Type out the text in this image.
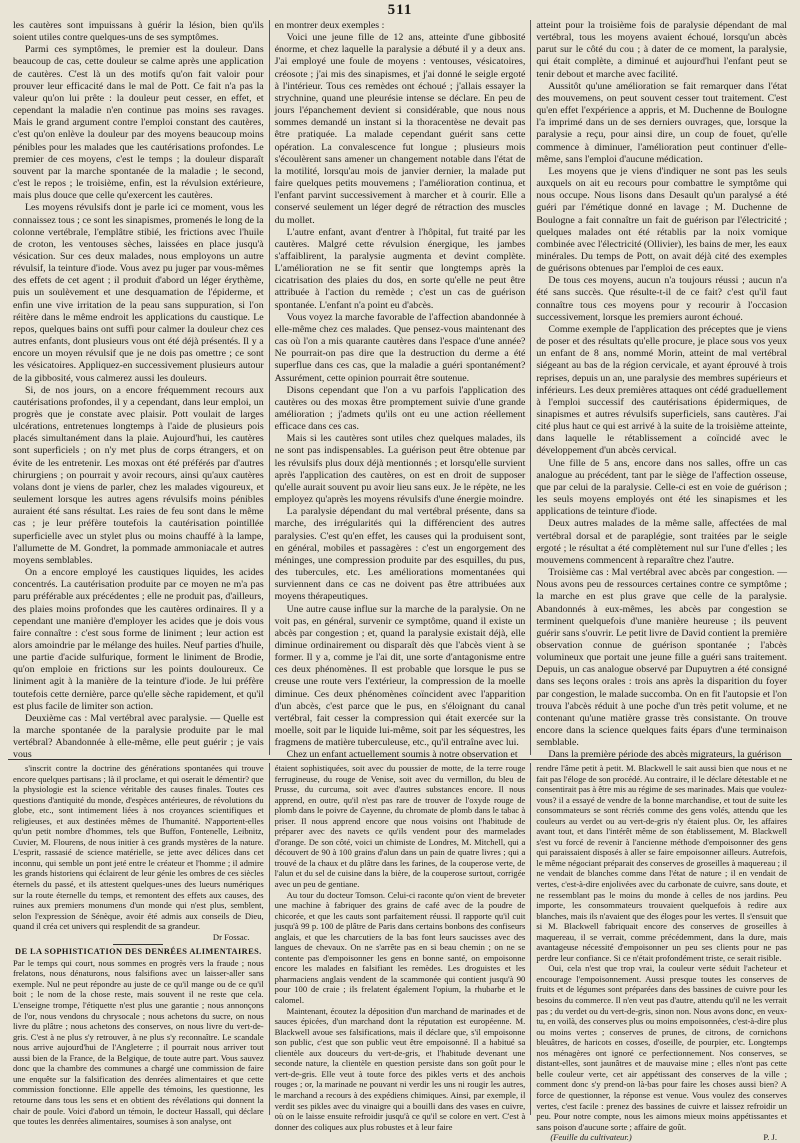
511

les cautères sont impuissans à guérir la lésion, bien qu'ils soient utiles contre quelques-uns de ses symptômes.

Parmi ces symptômes, le premier est la douleur. Dans beaucoup de cas, cette douleur se calme après une application de cautères. C'est là un des motifs qu'on fait valoir pour prouver leur efficacité dans le mal de Pott. Ce fait n'a pas la valeur qu'on lui prête : la douleur peut cesser, en effet, et cependant la maladie n'en continue pas moins ses ravages. Mais le grand argument contre l'emploi constant des cautères, c'est qu'on enlève la douleur par des moyens beaucoup moins pénibles pour les malades que les cautérisations profondes. Le premier de ces moyens, c'est le temps ; la douleur disparaît souvent par la marche spontanée de la maladie ; le second, c'est le repos ; le troisième, enfin, est la révulsion extérieure, mais plus douce que celle qu'exercent les cautères.

Les moyens révulsifs dont je parle ici ce moment, vous les connaissez tous ; ce sont les sinapismes, promenés le long de la colonne vertébrale, l'emplâtre stibié, les frictions avec l'huile de croton, les ventouses sèches, laissées en place jusqu'à vésication. Sur ces deux malades, nous employons un autre révulsif, la teinture d'iode. Vous avez pu juger par vous-mêmes des effets de cet agent ; il produit d'abord un léger érythème, puis un soulèvement et une desquamation de l'épiderme, et enfin une vive irritation de la peau sans suppuration, si l'on réitère dans le même endroit les applications du caustique. Le repos, quelques bains ont suffi pour calmer la douleur chez ces autres enfants, dont plusieurs vous ont été déjà présentés. Il y a encore un moyen révulsif que je ne dois pas omettre ; ce sont les vésicatoires. Appliquez-en successivement plusieurs autour de la gibbosité, vous calmerez aussi les douleurs.

Si, de nos jours, on a encore fréquemment recours aux cautérisations profondes, il y a cependant, dans leur emploi, un progrès que je constate avec plaisir. Pott voulait de larges ulcérations, entretenues longtemps à l'aide de plusieurs pois placés simultanément dans la plaie. Aujourd'hui, les cautères sont superficiels ; on n'y met plus de corps étrangers, et on évite de les entretenir. Les moxas ont été préférés par d'autres chirurgiens ; on pourrait y avoir recours, ainsi qu'aux cautères volans dont je viens de parler, chez les malades vigoureux, et seulement lorsque les autres agens révulsifs moins pénibles auraient été sans résultat. Les raies de feu sont dans le même cas ; je leur préfère toutefois la cautérisation pointillée superficielle avec un stylet plus ou moins chauffé à la lampe, l'allumette de M. Gondret, la pommade ammoniacale et autres moyens semblables.

On a encore employé les caustiques liquides, les acides concentrés. La cautérisation produite par ce moyen ne m'a pas paru préférable aux précédentes ; elle ne produit pas, d'ailleurs, des plaies moins profondes que les cautères ordinaires. Il y a cependant une manière d'employer les acides que je dois vous faire connaître : c'est sous forme de liniment ; leur action est alors amoindrie par le mélange des huiles. Neuf parties d'huile, une partie d'acide sulfurique, forment le liniment de Brodie, qu'on emploie en frictions sur les points douloureux. Ce liniment agit à la manière de la teinture d'iode. Je lui préfère toutefois cette dernière, parce qu'elle sèche rapidement, et qu'il est plus facile de limiter son action.

Deuxième cas : Mal vertébral avec paralysie. — Quelle est la marche spontanée de la paralysie produite par le mal vertébral? Abandonnée à elle-même, elle peut guérir ; je vais vous

en montrer deux exemples :

Voici une jeune fille de 12 ans, atteinte d'une gibbosité énorme, et chez laquelle la paralysie a débuté il y a deux ans. J'ai employé une foule de moyens : ventouses, vésicatoires, créosote ; j'ai mis des sinapismes, et j'ai donné le seigle ergoté à l'intérieur. Tous ces remèdes ont échoué ; j'allais essayer la strychnine, quand une pleurésie intense se déclare. En peu de jours l'épanchement devient si considérable, que nous nous sommes demandé un instant si la thoracentèse ne devait pas être pratiquée. La malade cependant guérit sans cette opération. La convalescence fut longue ; plusieurs mois s'écoulèrent sans amener un changement notable dans l'état de la motilité, lorsqu'au mois de janvier dernier, la malade put faire quelques petits mouvemens ; l'amélioration continua, et l'enfant parvint successivement à marcher et à courir. Elle a conservé seulement un léger degré de rétraction des muscles du mollet.

L'autre enfant, avant d'entrer à l'hôpital, fut traité par les cautères. Malgré cette révulsion énergique, les jambes s'affaiblirent, la paralysie augmenta et devint complète. L'amélioration ne se fit sentir que longtemps après la cicatrisation des plaies du dos, en sorte qu'elle ne peut être attribuée à l'action du remède ; c'est un cas de guérison spontanée. L'enfant n'a point eu d'abcès.

Vous voyez la marche favorable de l'affection abandonnée à elle-même chez ces malades. Que pensez-vous maintenant des cas où l'on a mis quarante cautères dans l'espace d'une année? Ne pourrait-on pas dire que la destruction du derme a été superflue dans ces cas, que la maladie a guéri spontanément? Assurément, cette opinion pourrait être soutenue.

Disons cependant que l'on a vu parfois l'application des cautères ou des moxas être promptement suivie d'une grande amélioration ; j'admets qu'ils ont eu une action réellement efficace dans ces cas.

Mais si les cautères sont utiles chez quelques malades, ils ne sont pas indispensables. La guérison peut être obtenue par les révulsifs plus doux déjà mentionnés ; et lorsqu'elle survient après l'application des cautères, on est en droit de supposer qu'elle aurait souvent pu avoir lieu sans eux. Je le répète, ne les employez qu'après les moyens révulsifs d'une énergie moindre.

La paralysie dépendant du mal vertébral présente, dans sa marche, des irrégularités qui la différencient des autres paralysies. C'est qu'en effet, les causes qui la produisent sont, en général, mobiles et passagères : c'est un engorgement des méninges, une compression produite par des esquilles, du pus, des tubercules, etc. Les améliorations momentanées qui surviennent dans ce cas ne doivent pas être attribuées aux moyens thérapeutiques.

Une autre cause influe sur la marche de la paralysie. On ne voit pas, en général, survenir ce symptôme, quand il existe un abcès par congestion ; et, quand la paralysie existait déjà, elle diminue ordinairement ou disparaît dès que l'abcès vient à se former. Il y a, comme je l'ai dit, une sorte d'antagonisme entre ces deux phénomènes. Il est probable que lorsque le pus se creuse une route vers l'extérieur, la compression de la moelle diminue. Ces deux phénomènes coïncident avec l'apparition d'un abcès, c'est parce que le pus, en s'éloignant du canal vertébral, fait cesser la compression qui était exercée sur la moelle, soit par le liquide lui-même, soit par les séquestres, les fragmens de matière tuberculeuse, etc., qu'il entraîne avec lui.

Chez un enfant actuellement soumis à notre observation et

atteint pour la troisième fois de paralysie dépendant de mal vertébral, tous les moyens avaient échoué, lorsqu'un abcès parut sur le côté du cou ; à dater de ce moment, la paralysie, qui était complète, a diminué et aujourd'hui l'enfant peut se tenir debout et marche avec facilité.

Aussitôt qu'une amélioration se fait remarquer dans l'état des mouvemens, on peut souvent cesser tout traitement. C'est qu'en effet l'expérience a appris, et M. Duchenne de Boulogne l'a imprimé dans un de ses derniers ouvrages, que, lorsque la paralysie a reçu, pour ainsi dire, un coup de fouet, qu'elle commence à diminuer, l'amélioration peut continuer d'elle-même, sans l'emploi d'aucune médication.

Les moyens que je viens d'indiquer ne sont pas les seuls auxquels on ait eu recours pour combattre le symptôme qui nous occupe. Nous lisons dans Desault qu'un paralysé a été guéri par l'émétique donné en lavage ; M. Duchenne de Boulogne a fait connaître un fait de guérison par l'électricité ; quelques malades ont été rétablis par la noix vomique combinée avec l'électricité (Ollivier), les bains de mer, les eaux minérales. Du temps de Pott, on avait déjà cité des exemples de guérisons obtenues par l'emploi de ces eaux.

De tous ces moyens, aucun n'a toujours réussi ; aucun n'a été sans succès. Que résulte-t-il de ce fait? c'est qu'il faut connaître tous ces moyens pour y recourir à l'occasion successivement, lorsque les premiers auront échoué.

Comme exemple de l'application des préceptes que je viens de poser et des résultats qu'elle procure, je place sous vos yeux un enfant de 8 ans, nommé Morin, atteint de mal vertébral siégeant au bas de la région cervicale, et ayant éprouvé à trois reprises, depuis un an, une paralysie des membres supérieurs et inférieurs. Les deux premières attaques ont cédé graduellement à l'emploi successif des cautérisations épidermiques, de sinapismes et autres révulsifs superficiels, sans cautères. J'ai cité plus haut ce qui est arrivé à la suite de la troisième atteinte, dans laquelle le rétablissement a coïncidé avec le développement d'un abcès cervical.

Une fille de 5 ans, encore dans nos salles, offre un cas analogue au précédent, tant par le siège de l'affection osseuse, que par celui de la paralysie. Celle-ci est en voie de guérison ; les seuls moyens employés ont été les sinapismes et les applications de teinture d'iode.

Deux autres malades de la même salle, affectées de mal vertébral dorsal et de paraplégie, sont traitées par le seigle ergoté ; le résultat a été complètement nul sur l'une d'elles ; les mouvemens commencent à reparaître chez l'autre.

Troisième cas : Mal vertébral avec abcès par congestion. — Nous avons peu de ressources certaines contre ce symptôme ; la marche en est plus grave que celle de la paralysie. Abandonnés à eux-mêmes, les abcès par congestion se terminent quelquefois d'une manière heureuse ; ils peuvent guérir sans s'ouvrir. Le petit livre de David contient la première observation connue de guérison spontanée ; l'abcès volumineux que portait une jeune fille a guéri sans traitement. Depuis, un cas analogue observé par Dupuytren a été consigné dans ses leçons orales : trois ans après la disparition du foyer par congestion, le malade succomba. On en fit l'autopsie et l'on trouva l'abcès réduit à une poche d'un très petit volume, et ne contenant qu'une matière grasse très consistante. On trouve encore dans la science quelques faits épars d'une terminaison semblable.

Dans la première période des abcès migrateurs, la guérison

s'inscrit contre la doctrine des générations spontanées qui trouve encore quelques partisans ; là il proclame, et qui oserait le démentir? que la physiologie est la science véritable des causes finales. Toutes ces questions d'antiquité du monde, d'espèces antérieures, de révolutions du globe, etc., sont intimement liées à nos croyances scientifiques et religieuses, et aux destinées mêmes de l'humanité. N'apportent-elles qu'un petit nombre d'hommes, tels que Buffon, Fontenelle, Leibnitz, Cuvier, M. Flourens, de nous initier à ces grands mystères de la nature. L'esprit, rassasié de science matérielle, se jette avec délices dans cet inconnu, qui semble un pont jeté entre le créateur et l'homme ; il admire les grands historiens qui éclairent de leur génie les ombres de ces siècles éternels du passé, et ils attestent quelques-unes des lueurs numériques sur la route éternelle du temps, et remontent des effets aux causes, des ruines aux premiers monumens d'un monde qui n'est plus, semblent, selon l'expression de Sénèque, avoir été admis aux conseils de Dieu, quand il créa cet univers qui resplendit de sa grandeur.

Dr Fossac.

DE LA SOPHISTICATION DES DENRÉES ALIMENTAIRES.

Par le temps qui court, nous sommes en progrès vers la fraude ; nous frelatons, nous dénaturons, nous falsifions avec un laisser-aller sans exemple. Nul ne peut répondre au juste de ce qu'il mange ou de ce qu'il boit ; le nom de la chose reste, mais souvent il ne reste que cela. L'enseigne trompe, l'étiquette n'est plus une garantie ; nous annonçons de l'or, nous vendons du chrysocale ; nous achetons du sucre, on nous livre du plâtre ; nous achetons des conserves, on nous livre du vert-de-gris. C'est à ne plus s'y retrouver, à ne plus s'y reconnaître. Le scandale nous arrive aujourd'hui de l'Angleterre ; il pourrait nous arriver tout aussi bien de la France, de la Belgique, de toute autre part. Vous sauvez donc que la chambre des communes a chargé une commission de faire une enquête sur la falsification des denrées alimentaires et que cette commission fonctionne. Elle appelle des témoins, les questionne, les retourne dans tous les sens et en obtient des révélations qui donnent la chair de poule. Voici d'abord un témoin, le docteur Hassall, qui déclare que toutes les denrées alimentaires, soumises à son analyse, ont

étaient sophistiquées, soit avec du poussier de motte, de la terre rouge ferrugineuse, du rouge de Venise, soit avec du vermillon, du bleu de Prusse, du curcuma, soit avec d'autres substances encore. Il nous apprend, en outre, qu'il n'est pas rare de trouver de l'oxyde rouge de plomb dans le poivre de Cayenne, du chromate de plomb dans le tabac à priser. Il nous apprend encore que nous voisins ont l'habitude de préparer avec des navets ce qu'ils vendent pour des marmelades d'orange. De son côté, voici un chimiste de Londres, M. Mitchell, qui a découvert de 90 à 100 grains d'alun dans un pain de quatre livres ; qui a trouvé de la chaux et du plâtre dans les farines, de la couperose verte, de l'alun et du sel de cuisine dans la bière, de la couperose surtout, corrigée avec un peu de gentiane.

Au tour du docteur Tomson. Celui-ci raconte qu'on vient de breveter une machine à fabriquer des grains de café avec de la poudre de chicorée, et que les cauts sont parfaitement réussi. Il rapporte qu'il cuit jusqu'à 99 p. 100 de plâtre de Paris dans certains bonbons des confiseurs anglais, et que les charcutiers de la bas font leurs saucisses avec des langues de chevaux. On ne s'arrête pas en si beau chemin ; on ne se contente pas d'empoisonner les gens en bonne santé, on empoisonne encore les malades en falsifiant les remèdes. Les droguistes et les pharmaciens anglais vendent de la scammonée qui contient jusqu'à 90 pour 100 de craie ; ils frelatent également l'opium, la rhubarbe et le calomel.

Maintenant, écoutez la déposition d'un marchand de marinades et de sauces épicées, d'un marchand dont la réputation est européenne. M. Blackwell avoue ses falsifications, mais il déclare que, s'il empoisonne son public, c'est que son public veut être empoisonné. Il a habitué sa clientèle aux douceurs du vert-de-gris, et l'habitude devenant une seconde nature, la clientèle en question persiste dans son goût pour le vert-de-gris. Elle veut à toute force des pikles verts et des anchois rouges ; or, la marinade ne pouvant ni verdir les uns ni rougir les autres, le marchand a recours à des expédiens chimiques. Ainsi, par exemple, il verdit ses pikles avec du vinaigre qui a bouilli dans des vases en cuivre, où on le laisse ensuite refroidir jusqu'à ce qu'il se colore en vert. C'est à donner des coliques aux plus robustes et à leur faire

rendre l'âme petit à petit. M. Blackwell le sait aussi bien que nous et ne fait pas l'éloge de son procédé. Au contraire, il le déclare détestable et ne consentirait pas à être mis au régime de ses marinades. Mais que voulez-vous? il a essayé de vendre de la bonne marchandise, et tout de suite les consommateurs se sont récriés comme des gens volés, attendu que les couleurs au verdet ou au vert-de-gris n'y étaient plus. Or, les affaires avant tout, et dans l'intérêt même de son établissement, M. Blackwell s'est vu forcé de revenir à l'ancienne méthode d'empoisonner des gens qui paraissaient disposés à aller se faire empoisonner ailleurs. Autrefois, le même négociant préparait des conserves de groseilles à maquereau ; il ne vendait de blanches comme dans l'état de nature ; il en vendait de vertes, c'est-à-dire enjolivées avec du carbonate de cuivre, sans doute, et ne ressemblant pas le moins du monde à celles de nos jardins. Peu importe, les consommateurs trouvaient quelquefois à redire aux blanches, mais ils n'avaient que des éloges pour les vertes. Il s'ensuit que si M. Blackwell fabriquait encore des conserves de groseilles à maquereau, il se verrait, comme précédemment, dans la dure, mais avantageuse nécessité d'empoisonner un peu ses clients pour ne pas perdre leur confiance. Si ce n'était profondément triste, ce serait risible.

Oui, cela n'est que trop vrai, la couleur verte séduit l'acheteur et encourage l'empoisonnement. Aussi presque toutes les conserves de fruits et de légumes sont préparées dans des bassines de cuivre pour les besoins du commerce. Il n'en veut pas d'autre, attendu qu'il ne les verrait pas ; du verdet ou du vert-de-gris, sinon non. Nous avons donc, en veux-tu, en voilà, des conserves plus ou moins empoisonnées, c'est-à-dire plus ou moins vertes ; conserves de prunes, de citrons, de cornichons bleuâtres, de haricots en cosses, d'oseille, de pourpier, etc. Longtemps nos ménagères ont ignoré ce perfectionnement. Nos conserves, se distant-elles, sont jaunâtres et de mauvaise mine ; elles n'ont pas cette belle couleur verte, cet air appétissant des conserves de la ville ; comment donc s'y prend-on là-bas pour faire les choses aussi bien? A force de questionner, la réponse est venue. Vous voulez des conserves vertes, c'est facile : prenez des bassines de cuivre et laissez refroidir un peu. Pour notre compte, nous les aimons mieux moins appétissantes et sans poison d'aucune sorte ; affaire de goût.

(Feuille du cultivateur.)	P. J.
